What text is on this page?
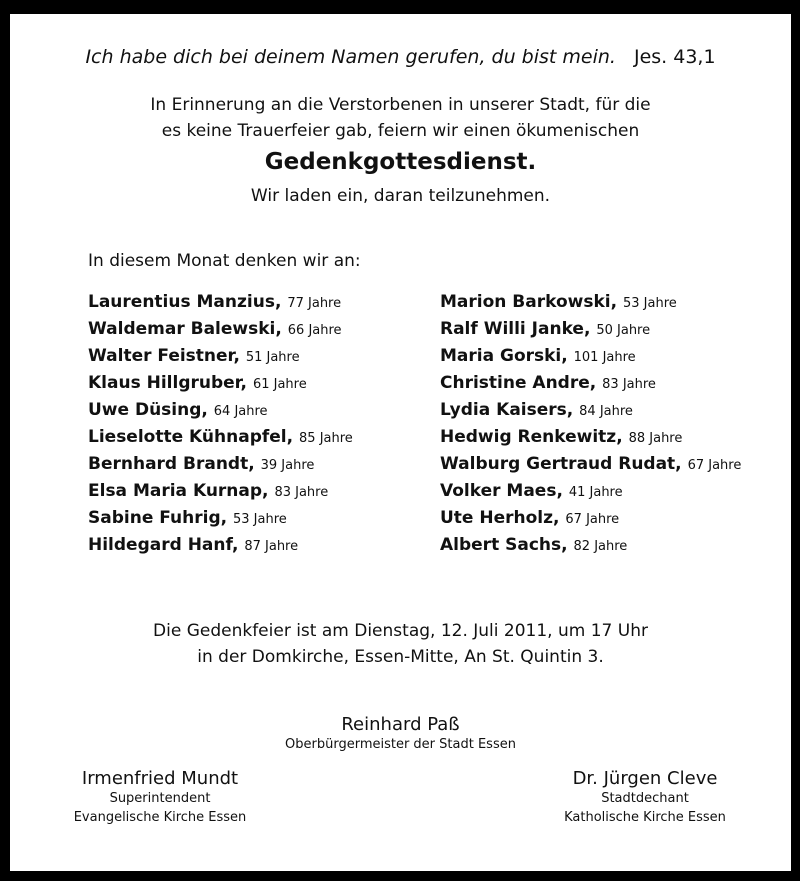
Ich habe dich bei deinem Namen gerufen, du bist mein. Jes. 43,1
In Erinnerung an die Verstorbenen in unserer Stadt, für die
es keine Trauerfeier gab, feiern wir einen ökumenischen
Gedenkgottesdienst.
Wir laden ein, daran teilzunehmen.
In diesem Monat denken wir an:
Laurentius Manzius, 77 Jahre
Waldemar Balewski, 66 Jahre
Walter Feistner, 51 Jahre
Klaus Hillgruber, 61 Jahre
Uwe Düsing, 64 Jahre
Lieselotte Kühnapfel, 85 Jahre
Bernhard Brandt, 39 Jahre
Elsa Maria Kurnap, 83 Jahre
Sabine Fuhrig, 53 Jahre
Hildegard Hanf, 87 Jahre
Marion Barkowski, 53 Jahre
Ralf Willi Janke, 50 Jahre
Maria Gorski, 101 Jahre
Christine Andre, 83 Jahre
Lydia Kaisers, 84 Jahre
Hedwig Renkewitz, 88 Jahre
Walburg Gertraud Rudat, 67 Jahre
Volker Maes, 41 Jahre
Ute Herholz, 67 Jahre
Albert Sachs, 82 Jahre
Die Gedenkfeier ist am Dienstag, 12. Juli 2011, um 17 Uhr
in der Domkirche, Essen-Mitte, An St. Quintin 3.
Reinhard Paß
Oberbürgermeister der Stadt Essen
Irmenfried Mundt
Superintendent
Evangelische Kirche Essen
Dr. Jürgen Cleve
Stadtdechant
Katholische Kirche Essen
